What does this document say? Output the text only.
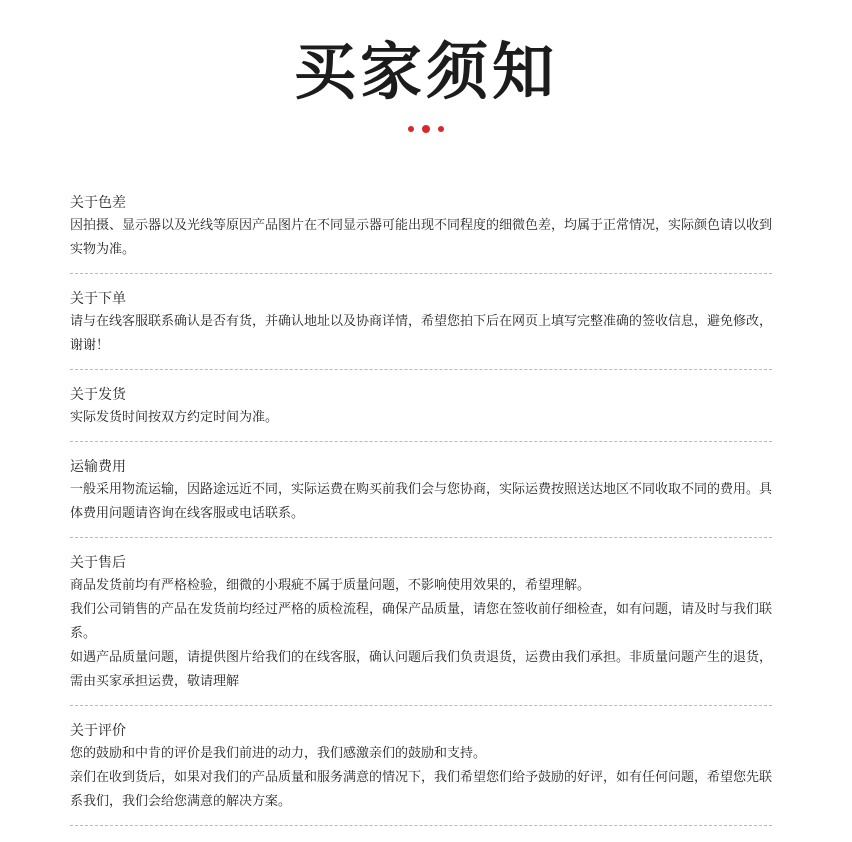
买家须知
关于色差
因拍摄、显示器以及光线等原因产品图片在不同显示器可能出现不同程度的细微色差，均属于正常情况，实际颜色请以收到实物为准。
关于下单
请与在线客服联系确认是否有货，并确认地址以及协商详情，希望您拍下后在网页上填写完整准确的签收信息，避免修改，谢谢！
关于发货
实际发货时间按双方约定时间为准。
运输费用
一般采用物流运输，因路途远近不同，实际运费在购买前我们会与您协商，实际运费按照送达地区不同收取不同的费用。具体费用问题请咨询在线客服或电话联系。
关于售后
商品发货前均有严格检验，细微的小瑕疵不属于质量问题，不影响使用效果的，希望理解。
我们公司销售的产品在发货前均经过严格的质检流程，确保产品质量，请您在签收前仔细检查，如有问题，请及时与我们联系。
如遇产品质量问题，请提供图片给我们的在线客服，确认问题后我们负责退货，运费由我们承担。非质量问题产生的退货，需由买家承担运费，敬请理解
关于评价
您的鼓励和中肯的评价是我们前进的动力，我们感激亲们的鼓励和支持。
亲们在收到货后，如果对我们的产品质量和服务满意的情况下，我们希望您们给予鼓励的好评，如有任何问题，希望您先联系我们，我们会给您满意的解决方案。
